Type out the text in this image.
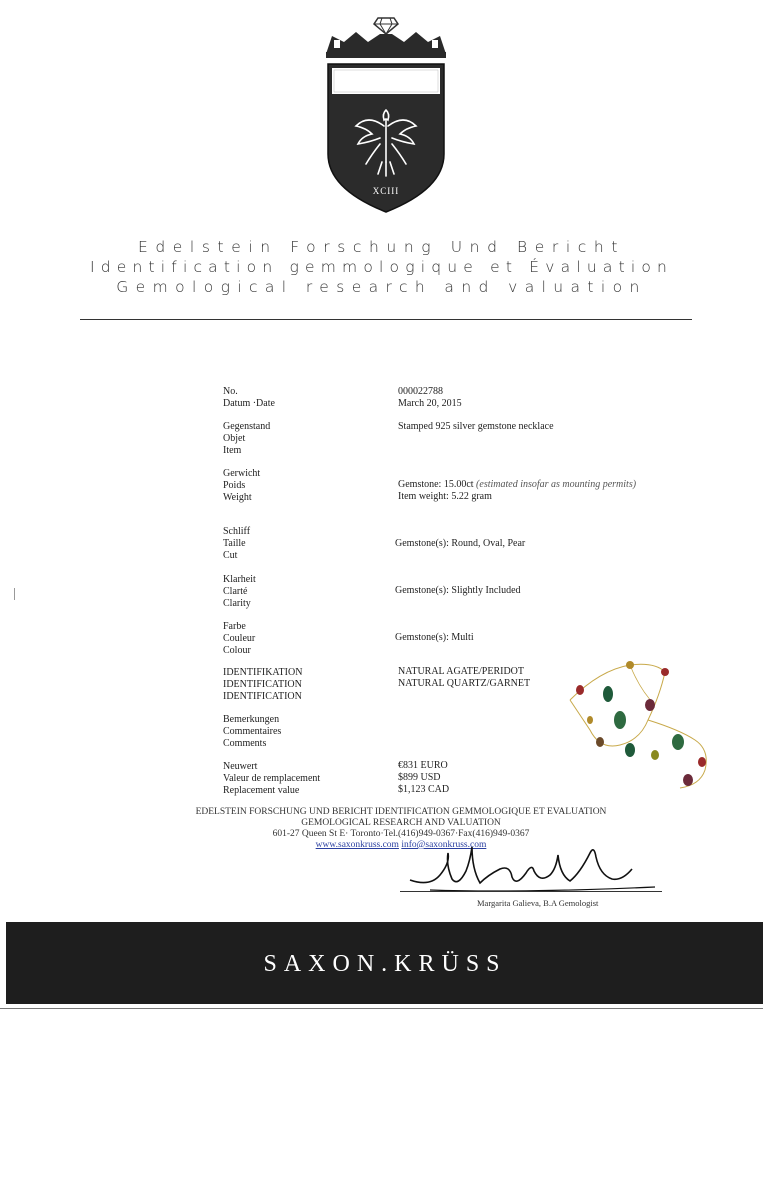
XCIII
Edelstein Forschung Und Bericht
Identification gemmologique et Évaluation
Gemological research and valuation
No.
Datum ·Date
000022788
March 20, 2015
Gegenstand
Objet
Item
Stamped 925 silver gemstone necklace
Gerwicht
Poids
Weight
Gemstone: 15.00ct (estimated insofar as mounting permits)
Item weight: 5.22 gram
Schliff
Taille
Cut
Gemstone(s): Round, Oval, Pear
Klarheit
Clarté
Clarity
Gemstone(s): Slightly Included
Farbe
Couleur
Colour
Gemstone(s): Multi
IDENTIFIKATION
IDENTIFICATION
IDENTIFICATION
NATURAL AGATE/PERIDOT
NATURAL QUARTZ/GARNET
Bemerkungen
Commentaires
Comments
Neuwert
Valeur de remplacement
Replacement value
€831 EURO
$899 USD
$1,123 CAD
EDELSTEIN FORSCHUNG UND BERICHT IDENTIFICATION GEMMOLOGIQUE ET EVALUATION
GEMOLOGICAL RESEARCH AND VALUATION
601-27 Queen St E· Toronto·Tel.(416)949-0367·Fax(416)949-0367
www.saxonkruss.com info@saxonkruss.com
Margarita Galieva, B.A Gemologist
SAXON.KRÜSS
